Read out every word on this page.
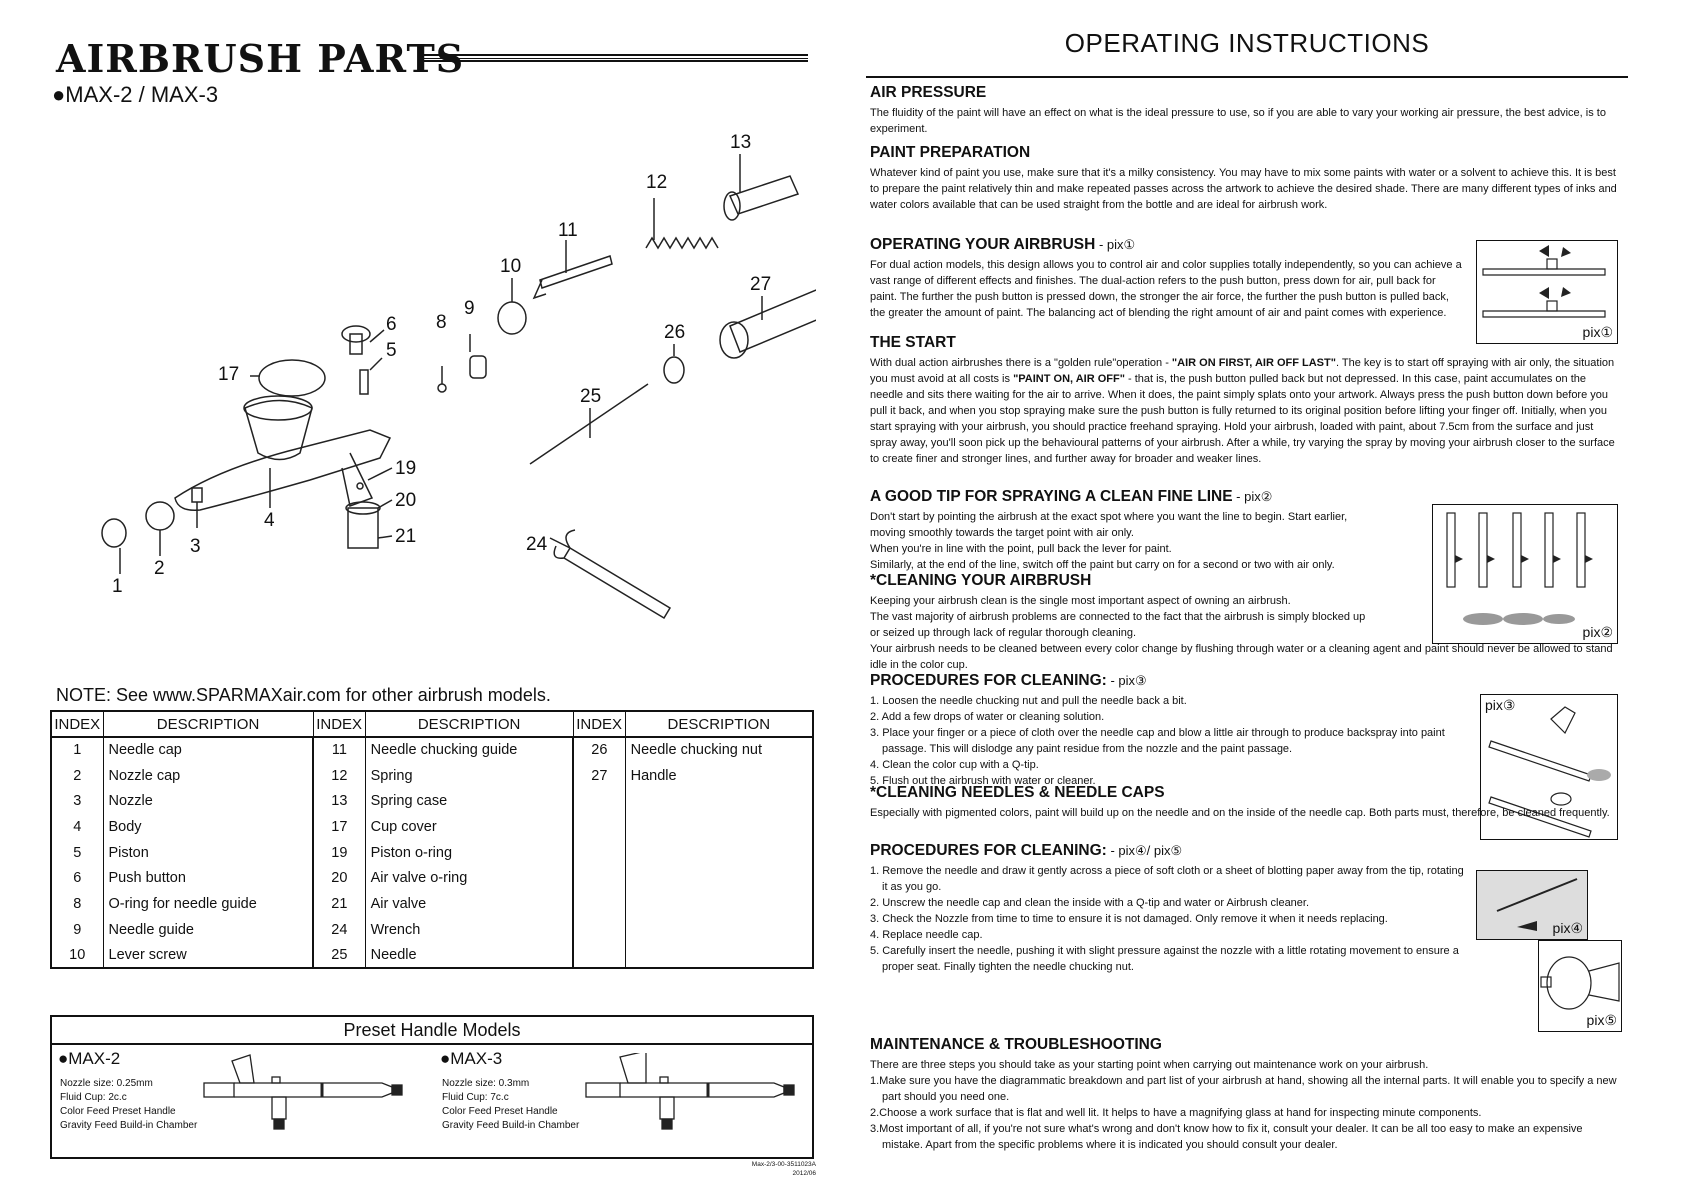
AIRBRUSH PARTS
●MAX-2 / MAX-3
1
2
3
4
5
6 8
9
10
11
12
13
17
19
20
21	24
25
26
27
NOTE: See www.SPARMAXair.com for other airbrush models.
INDEX	DESCRIPTION	INDEX	DESCRIPTION	INDEX	DESCRIPTION
1	Needle cap	11	Needle chucking guide	26	Needle chucking nut
2	Nozzle cap	12	Spring	27	Handle
3	Nozzle	13	Spring case		
4	Body	17	Cup cover		
5	Piston	19	Piston o-ring		
6	Push button	20	Air valve o-ring		
8	O-ring for needle guide	21	Air valve		
9	Needle guide	24	Wrench		
10	Lever screw	25	Needle		
Preset Handle Models
●MAX-2
Nozzle size: 0.25mm
Fluid Cup: 2c.c
Color Feed Preset Handle
Gravity Feed Build-in Chamber
●MAX-3
Nozzle size: 0.3mm
Fluid Cup: 7c.c
Color Feed Preset Handle
Gravity Feed Build-in Chamber
Max-2/3-00-3511023A
2012/06
OPERATING INSTRUCTIONS
AIR PRESSURE

The fluidity of the paint will have an effect on what is the ideal pressure to use, so if you are able to vary your working air pressure, the best advice, is to experiment.

PAINT PREPARATION

Whatever kind of paint you use, make sure that it's a milky consistency. You may have to mix some paints with water or a solvent to achieve this. It is best to prepare the paint relatively thin and make repeated passes across the artwork to achieve the desired shade. There are many different types of inks and water colors available that can be used straight from the bottle and are ideal for airbrush work.

OPERATING YOUR AIRBRUSH - pix①

For dual action models, this design allows you to control air and color supplies totally independently, so you can achieve a vast range of different effects and finishes. The dual-action refers to the push button, press down for air, pull back for paint. The further the push button is pressed down, the stronger the air force, the further the push button is pulled back, the greater the amount of paint. The balancing act of blending the right amount of air and paint comes with experience.

pix①
THE START

With dual action airbrushes there is a "golden rule"operation - "AIR ON FIRST, AIR OFF LAST". The key is to start off spraying with air only, the situation you must avoid at all costs is "PAINT ON, AIR OFF" - that is, the push button pulled back but not depressed. In this case, paint accumulates on the needle and sits there waiting for the air to arrive. When it does, the paint simply splats onto your artwork. Always press the push button down before you pull it back, and when you stop spraying make sure the push button is fully returned to its original position before lifting your finger off. Initially, when you start spraying with your airbrush, you should practice freehand spraying. Hold your airbrush, loaded with paint, about 7.5cm from the surface and just spray away, you'll soon pick up the behavioural patterns of your airbrush. After a while, try varying the spray by moving your airbrush closer to the surface to create finer and stronger lines, and further away for broader and weaker lines.

A GOOD TIP FOR SPRAYING A CLEAN FINE LINE - pix②

Don't start by pointing the airbrush at the exact spot where you want the line to begin. Start earlier,
moving smoothly towards the target point with air only.
When you're in line with the point, pull back the lever for paint.
Similarly, at the end of the line, switch off the paint but carry on for a second or two with air only.

pix②
*CLEANING YOUR AIRBRUSH

Keeping your airbrush clean is the single most important aspect of owning an airbrush.
The vast majority of airbrush problems are connected to the fact that the airbrush is simply blocked up
or seized up through lack of regular thorough cleaning.
Your airbrush needs to be cleaned between every color change by flushing through water or a cleaning agent and paint should never be allowed to stand idle in the color cup.

PROCEDURES FOR CLEANING: - pix③
1. Loosen the needle chucking nut and pull the needle back a bit.
2. Add a few drops of water or cleaning solution.
3. Place your finger or a piece of cloth over the needle cap and blow a little air through to produce backspray into paint passage. This will dislodge any paint residue from the nozzle and the paint passage.
4. Clean the color cup with a Q-tip.
5. Flush out the airbrush with water or cleaner.
pix③
*CLEANING NEEDLES & NEEDLE CAPS

Especially with pigmented colors, paint will build up on the needle and on the inside of the needle cap. Both parts must, therefore, be cleaned frequently.

PROCEDURES FOR CLEANING: - pix④/ pix⑤
1. Remove the needle and draw it gently across a piece of soft cloth or a sheet of blotting paper away from the tip, rotating it as you go.
2. Unscrew the needle cap and clean the inside with a Q-tip and water or Airbrush cleaner.
3. Check the Nozzle from time to time to ensure it is not damaged. Only remove it when it needs replacing.
4. Replace needle cap.
5. Carefully insert the needle, pushing it with slight pressure against the nozzle with a little rotating movement to ensure a proper seat. Finally tighten the needle chucking nut.
pix④
pix⑤
MAINTENANCE & TROUBLESHOOTING
There are three steps you should take as your starting point when carrying out maintenance work on your airbrush.
1.Make sure you have the diagrammatic breakdown and part list of your airbrush at hand, showing all the internal parts. It will enable you to specify a new part should you need one.
2.Choose a work surface that is flat and well lit. It helps to have a magnifying glass at hand for inspecting minute components.
3.Most important of all, if you're not sure what's wrong and don't know how to fix it, consult your dealer. It can be all too easy to make an expensive mistake. Apart from the specific problems where it is indicated you should consult your dealer.
